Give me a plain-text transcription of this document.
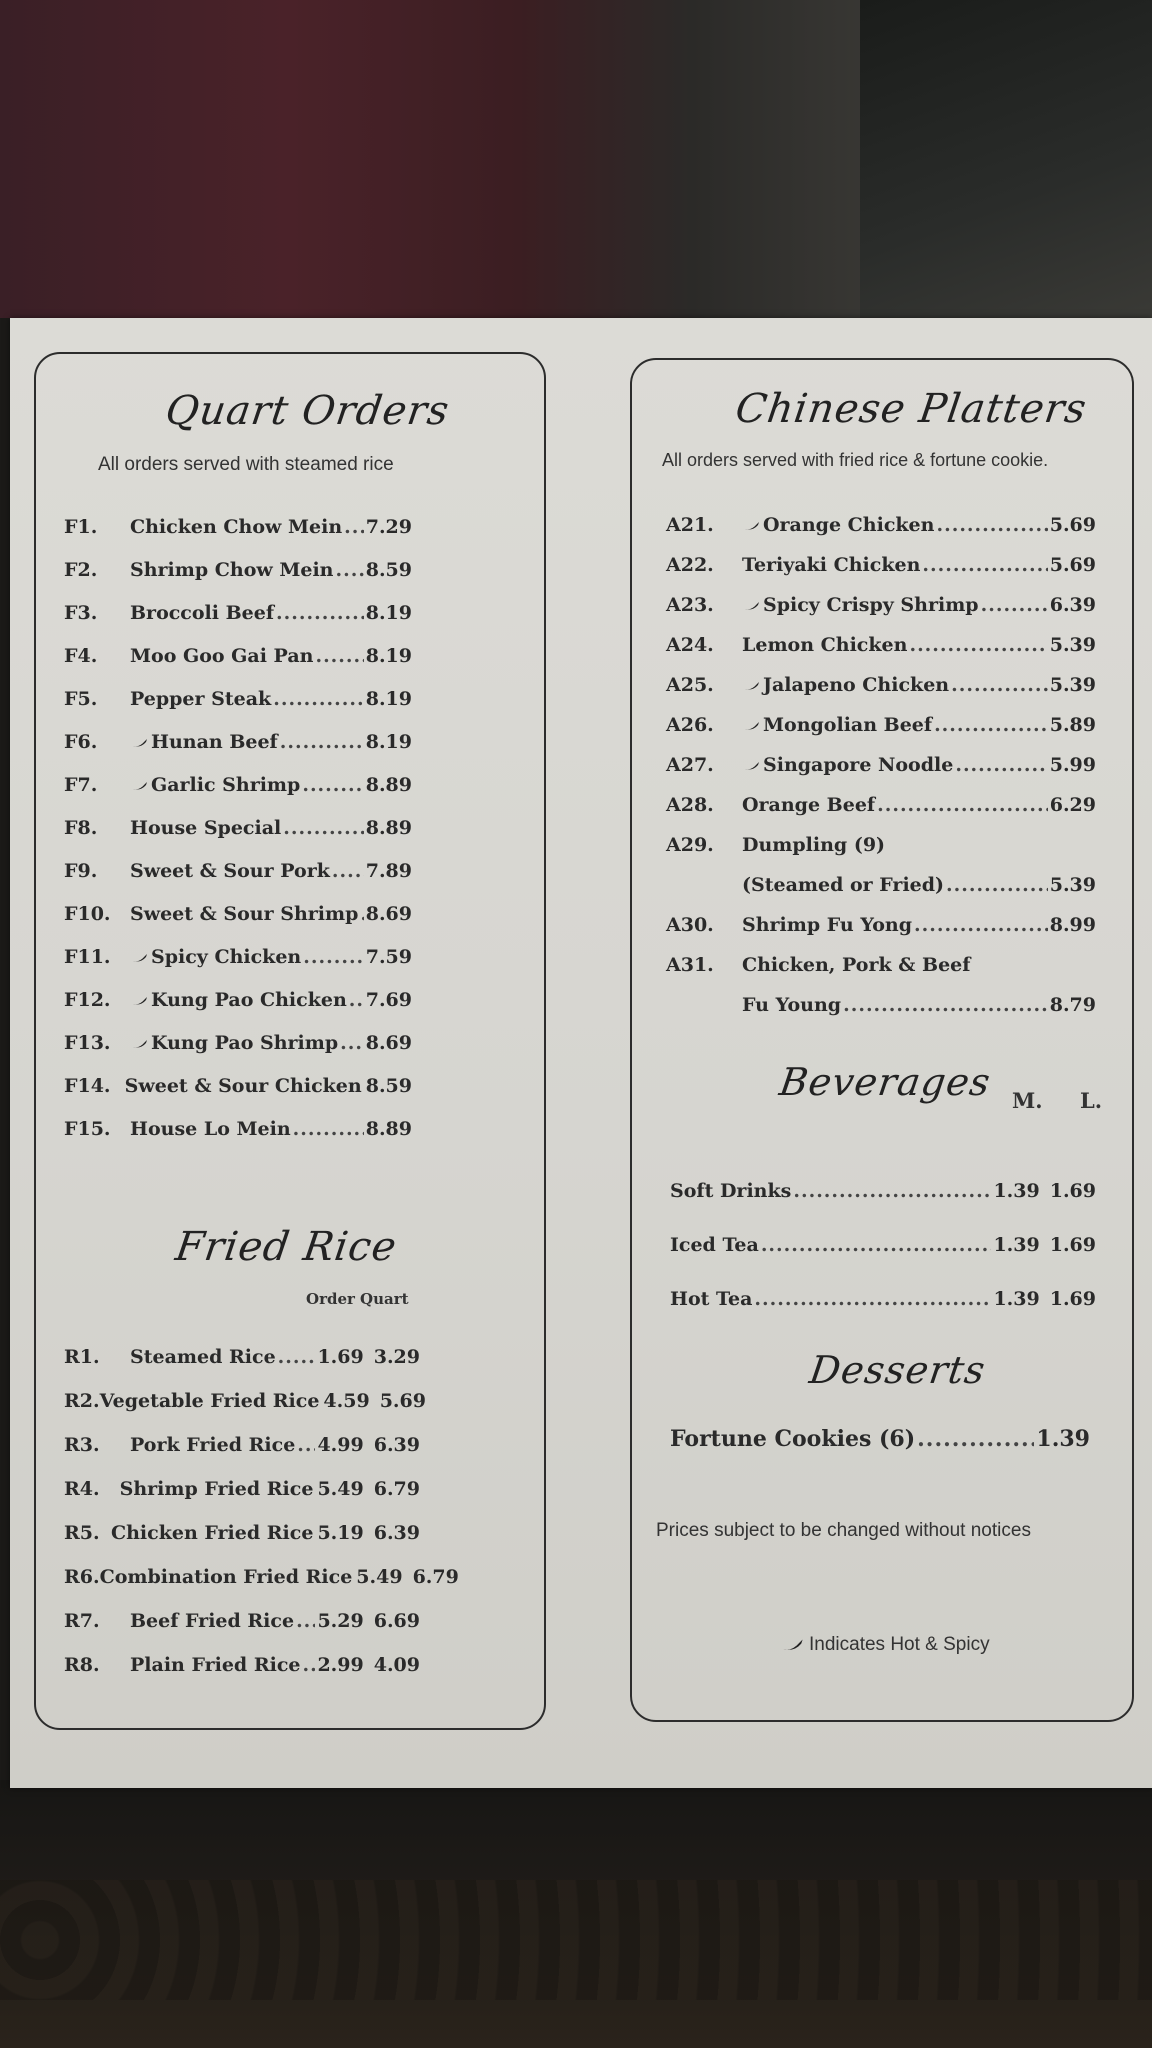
Quart Orders
All orders served with steamed rice
F1.	Chicken Chow Mein ..... 7.29
F2.	Shrimp Chow Mein ..... 8.59
F3.	Broccoli Beef .....	8.19
F4.	Moo Goo Gai Pan .....	8.19
F5.	Pepper Steak .....	8.19
F6.	Hunan Beef .....	8.19
F7.	Garlic Shrimp .....	8.89
F8.	House Special .....	8.89
F9.	Sweet & Sour Pork ..... 7.89
F10.	Sweet & Sour Shrimp ..... 8.69
F11.	Spicy Chicken .....	7.59
F12.	Kung Pao Chicken ..... 7.69
F13.	Kung Pao Shrimp ..... 8.69
F14. Sweet & Sour Chicken 8.59
F15.	House Lo Mein .....	8.89
Fried Rice
Order Quart
R1.	Steamed Rice ..... 1.69 3.29
R2. Vegetable Fried Rice 4.59 5.69
R3.	Pork Fried Rice ..... 4.99 6.39
R4.	Shrimp Fried Rice 5.49 6.79
R5. Chicken Fried Rice 5.19 6.39
R6. Combination Fried Rice 5.49 6.79
R7.	Beef Fried Rice ..... 5.29 6.69
R8.	Plain Fried Rice ..... 2.99 4.09
Chinese Platters
All orders served with fried rice & fortune cookie.
A21.	Orange Chicken .....	5.69
A22.	Teriyaki Chicken .....	5.69
A23.	Spicy Crispy Shrimp .....	6.39
A24.	Lemon Chicken .....	5.39
A25.	Jalapeno Chicken .....	5.39
A26.	Mongolian Beef .....	5.89
A27.	Singapore Noodle .....	5.99
A28.	Orange Beef .....	6.29
A29.	Dumpling (9)
(Steamed or Fried) .....	5.39
A30.	Shrimp Fu Yong .....	8.99
A31.	Chicken, Pork & Beef
Fu Young .....	8.79
Beverages M. L.
Soft Drinks .....	1.39 1.69
Iced Tea .....	1.39 1.69
Hot Tea .....	1.39 1.69
Desserts
Fortune Cookies (6) .....	1.39
Prices subject to be changed without notices
Indicates Hot & Spicy
